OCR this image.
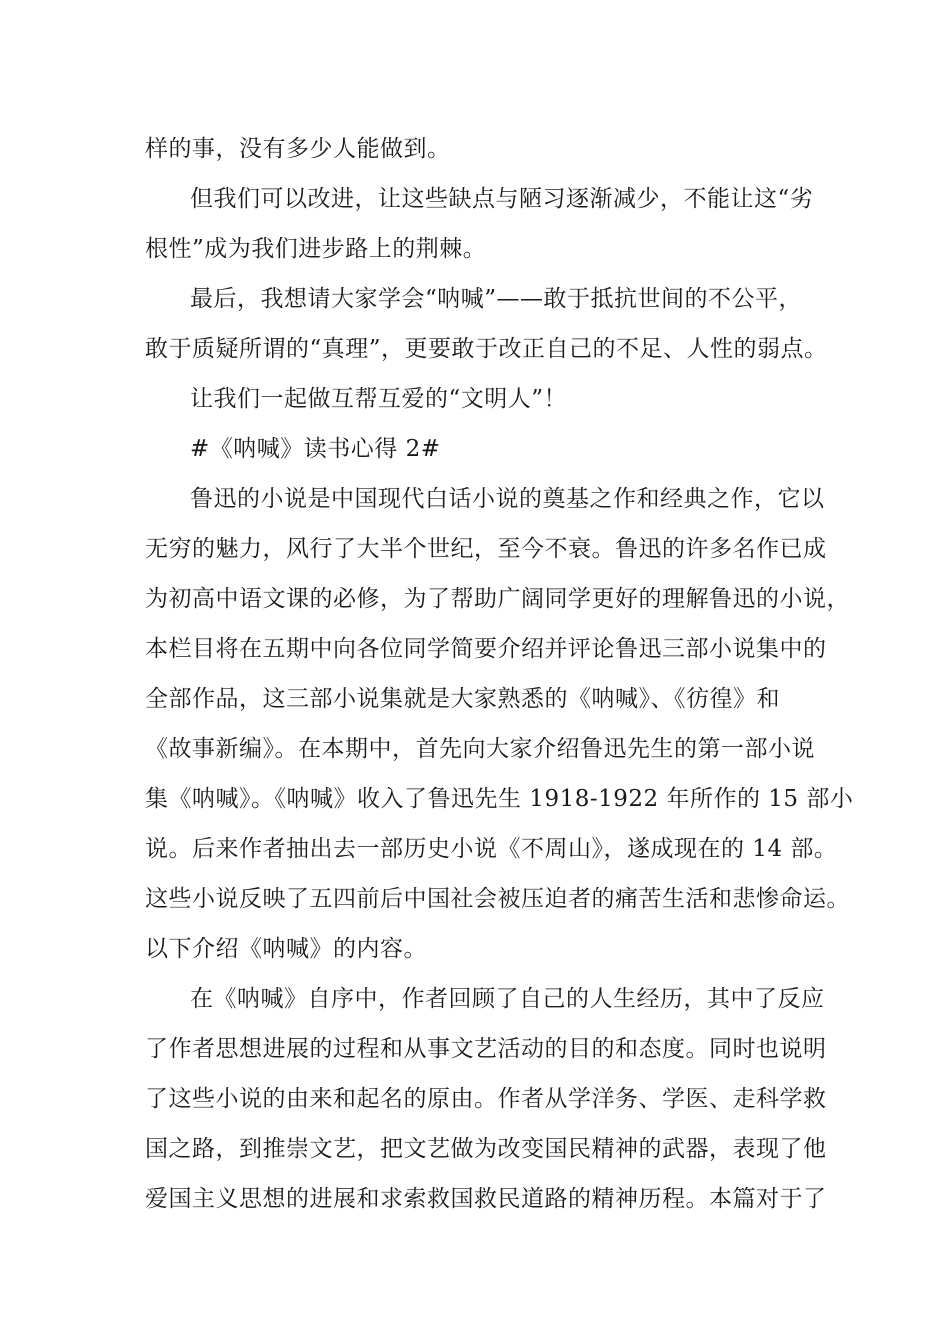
样的事，没有多少人能做到。
但我们可以改进，让这些缺点与陋习逐渐减少，不能让这“劣
根性”成为我们进步路上的荆棘。
最后，我想请大家学会“呐喊”——敢于抵抗世间的不公平，
敢于质疑所谓的“真理”，更要敢于改正自己的不足、人性的弱点。
让我们一起做互帮互爱的“文明人”！
#《呐喊》读书心得 2#
鲁迅的小说是中国现代白话小说的奠基之作和经典之作，它以
无穷的魅力，风行了大半个世纪，至今不衰。鲁迅的许多名作已成
为初高中语文课的必修，为了帮助广阔同学更好的理解鲁迅的小说，
本栏目将在五期中向各位同学简要介绍并评论鲁迅三部小说集中的
全部作品，这三部小说集就是大家熟悉的《呐喊》、《彷徨》和
《故事新编》。在本期中，首先向大家介绍鲁迅先生的第一部小说
集《呐喊》。《呐喊》收入了鲁迅先生 1918-1922 年所作的 15 部小
说。后来作者抽出去一部历史小说《不周山》，遂成现在的 14 部。
这些小说反映了五四前后中国社会被压迫者的痛苦生活和悲惨命运。
以下介绍《呐喊》的内容。
在《呐喊》自序中，作者回顾了自己的人生经历，其中了反应
了作者思想进展的过程和从事文艺活动的目的和态度。同时也说明
了这些小说的由来和起名的原由。作者从学洋务、学医、走科学救
国之路，到推崇文艺，把文艺做为改变国民精神的武器，表现了他
爱国主义思想的进展和求索救国救民道路的精神历程。本篇对于了
